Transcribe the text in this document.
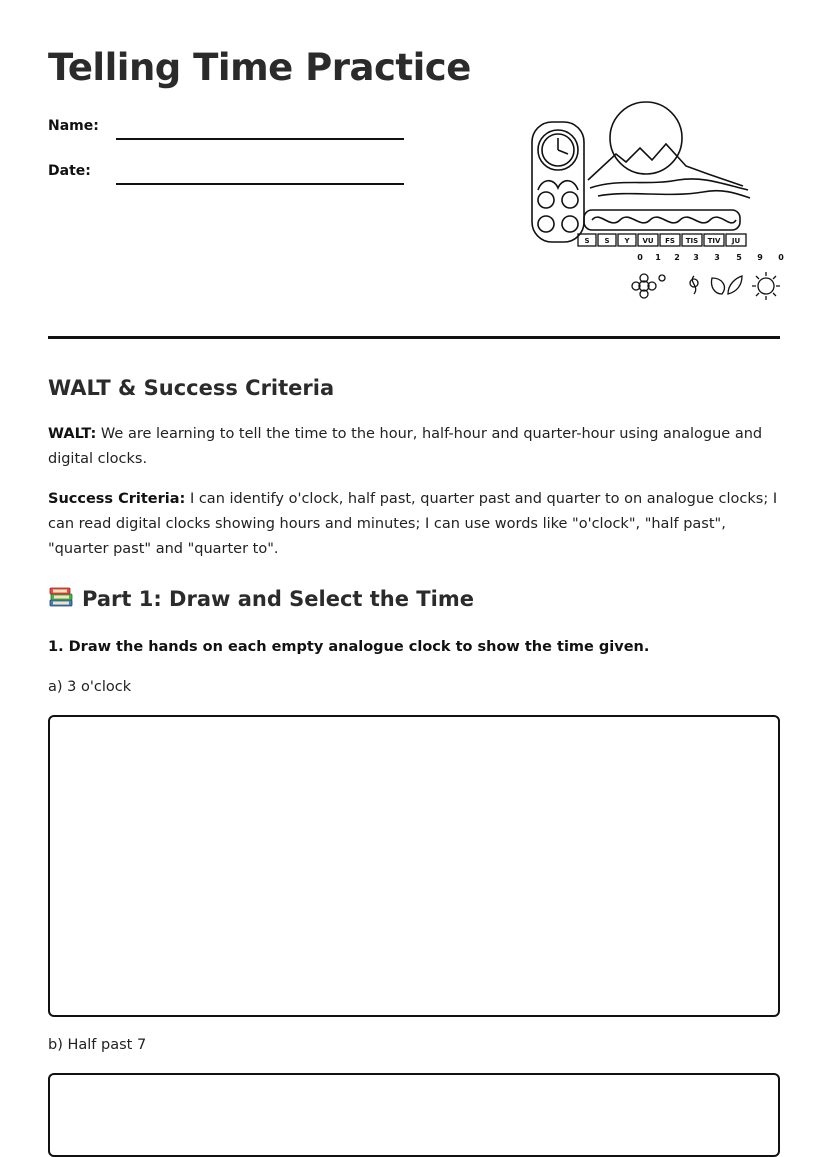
Telling Time Practice
Name:
Date:
S S Y VU FS TIS TIV JU
0 1 2 3 3 5 9 0
WALT & Success Criteria

WALT: We are learning to tell the time to the hour, half-hour and quarter-hour using analogue and digital clocks.

Success Criteria: I can identify o'clock, half past, quarter past and quarter to on analogue clocks; I can read digital clocks showing hours and minutes; I can use words like "o'clock", "half past", "quarter past" and "quarter to".

Part 1: Draw and Select the Time
1. Draw the hands on each empty analogue clock to show the time given.
a) 3 o'clock
b) Half past 7
